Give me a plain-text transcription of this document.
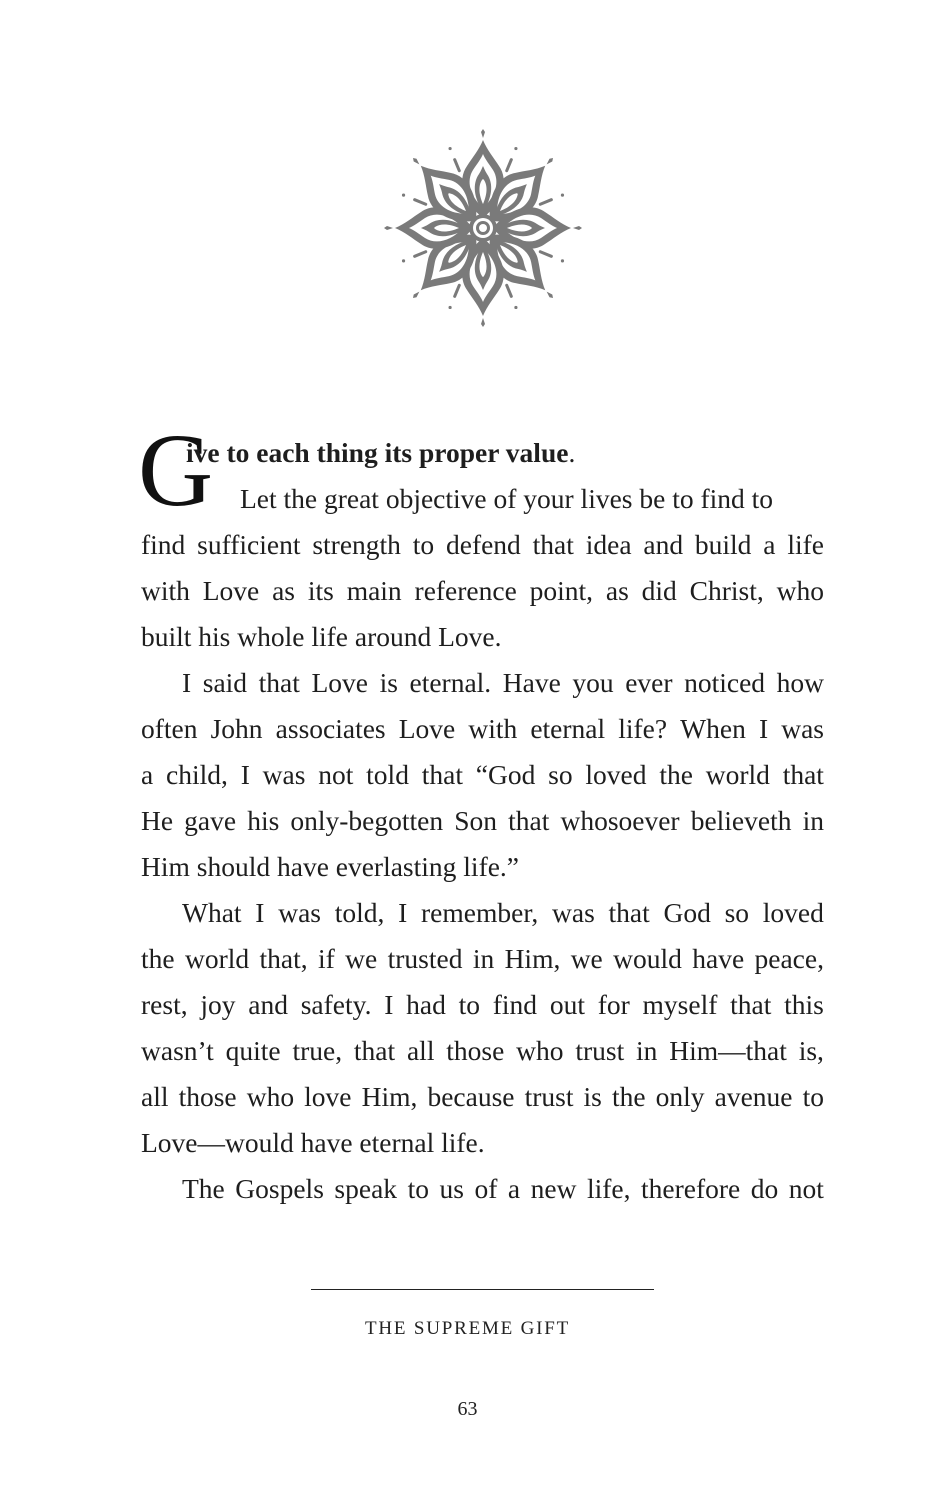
G
ive to each thing its proper value.
Let the great objective of your lives be to find to
find sufficient strength to defend that idea and build a life
with Love as its main reference point, as did Christ, who
built his whole life around Love.
I said that Love is eternal. Have you ever noticed how
often John associates Love with eternal life? When I was
a child, I was not told that “God so loved the world that
He gave his only-begotten Son that whosoever believeth in
Him should have everlasting life.”
What I was told, I remember, was that God so loved
the world that, if we trusted in Him, we would have peace,
rest, joy and safety. I had to find out for myself that this
wasn’t quite true, that all those who trust in Him—that is,
all those who love Him, because trust is the only avenue to
Love—would have eternal life.
The Gospels speak to us of a new life, therefore do not
THE SUPREME GIFT
63
